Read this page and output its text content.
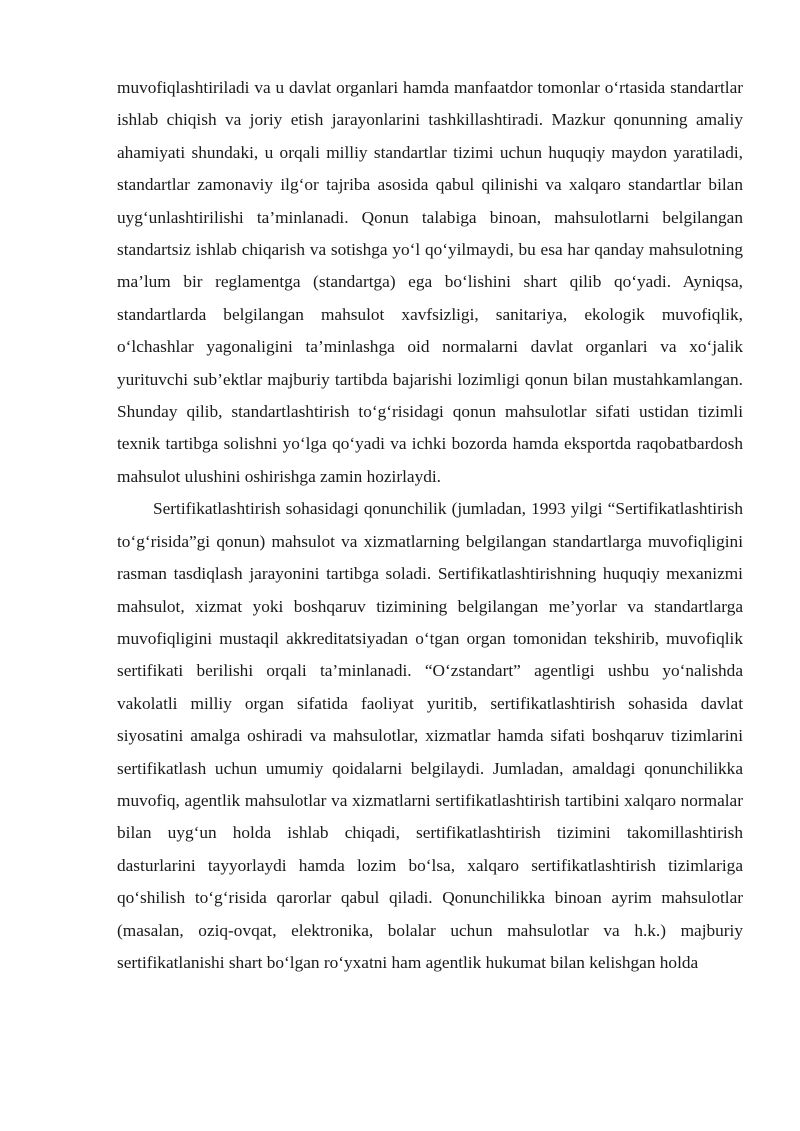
muvofiqlashtiriladi va u davlat organlari hamda manfaatdor tomonlar o‘rtasida standartlar ishlab chiqish va joriy etish jarayonlarini tashkillashtiradi. Mazkur qonunning amaliy ahamiyati shundaki, u orqali milliy standartlar tizimi uchun huquqiy maydon yaratiladi, standartlar zamonaviy ilg‘or tajriba asosida qabul qilinishi va xalqaro standartlar bilan uyg‘unlashtirilishi ta’minlanadi. Qonun talabiga binoan, mahsulotlarni belgilangan standartsiz ishlab chiqarish va sotishga yo‘l qo‘yilmaydi, bu esa har qanday mahsulotning ma’lum bir reglamentga (standartga) ega bo‘lishini shart qilib qo‘yadi. Ayniqsa, standartlarda belgilangan mahsulot xavfsizligi, sanitariya, ekologik muvofiqlik, o‘lchashlar yagonaligini ta’minlashga oid normalarni davlat organlari va xo‘jalik yurituvchi sub’ektlar majburiy tartibda bajarishi lozimligi qonun bilan mustahkamlangan. Shunday qilib, standartlashtirish to‘g‘risidagi qonun mahsulotlar sifati ustidan tizimli texnik tartibga solishni yo‘lga qo‘yadi va ichki bozorda hamda eksportda raqobatbardosh mahsulot ulushini oshirishga zamin hozirlaydi.

Sertifikatlashtirish sohasidagi qonunchilik (jumladan, 1993 yilgi “Sertifikatlashtirish to‘g‘risida”gi qonun) mahsulot va xizmatlarning belgilangan standartlarga muvofiqligini rasman tasdiqlash jarayonini tartibga soladi. Sertifikatlashtirishning huquqiy mexanizmi mahsulot, xizmat yoki boshqaruv tizimining belgilangan me’yorlar va standartlarga muvofiqligini mustaqil akkreditatsiyadan o‘tgan organ tomonidan tekshirib, muvofiqlik sertifikati berilishi orqali ta’minlanadi. “O‘zstandart” agentligi ushbu yo‘nalishda vakolatli milliy organ sifatida faoliyat yuritib, sertifikatlashtirish sohasida davlat siyosatini amalga oshiradi va mahsulotlar, xizmatlar hamda sifati boshqaruv tizimlarini sertifikatlash uchun umumiy qoidalarni belgilaydi. Jumladan, amaldagi qonunchilikka muvofiq, agentlik mahsulotlar va xizmatlarni sertifikatlashtirish tartibini xalqaro normalar bilan uyg‘un holda ishlab chiqadi, sertifikatlashtirish tizimini takomillashtirish dasturlarini tayyorlaydi hamda lozim bo‘lsa, xalqaro sertifikatlashtirish tizimlariga qo‘shilish to‘g‘risida qarorlar qabul qiladi. Qonunchilikka binoan ayrim mahsulotlar (masalan, oziq-ovqat, elektronika, bolalar uchun mahsulotlar va h.k.) majburiy sertifikatlanishi shart bo‘lgan ro‘yxatni ham agentlik hukumat bilan kelishgan holda
